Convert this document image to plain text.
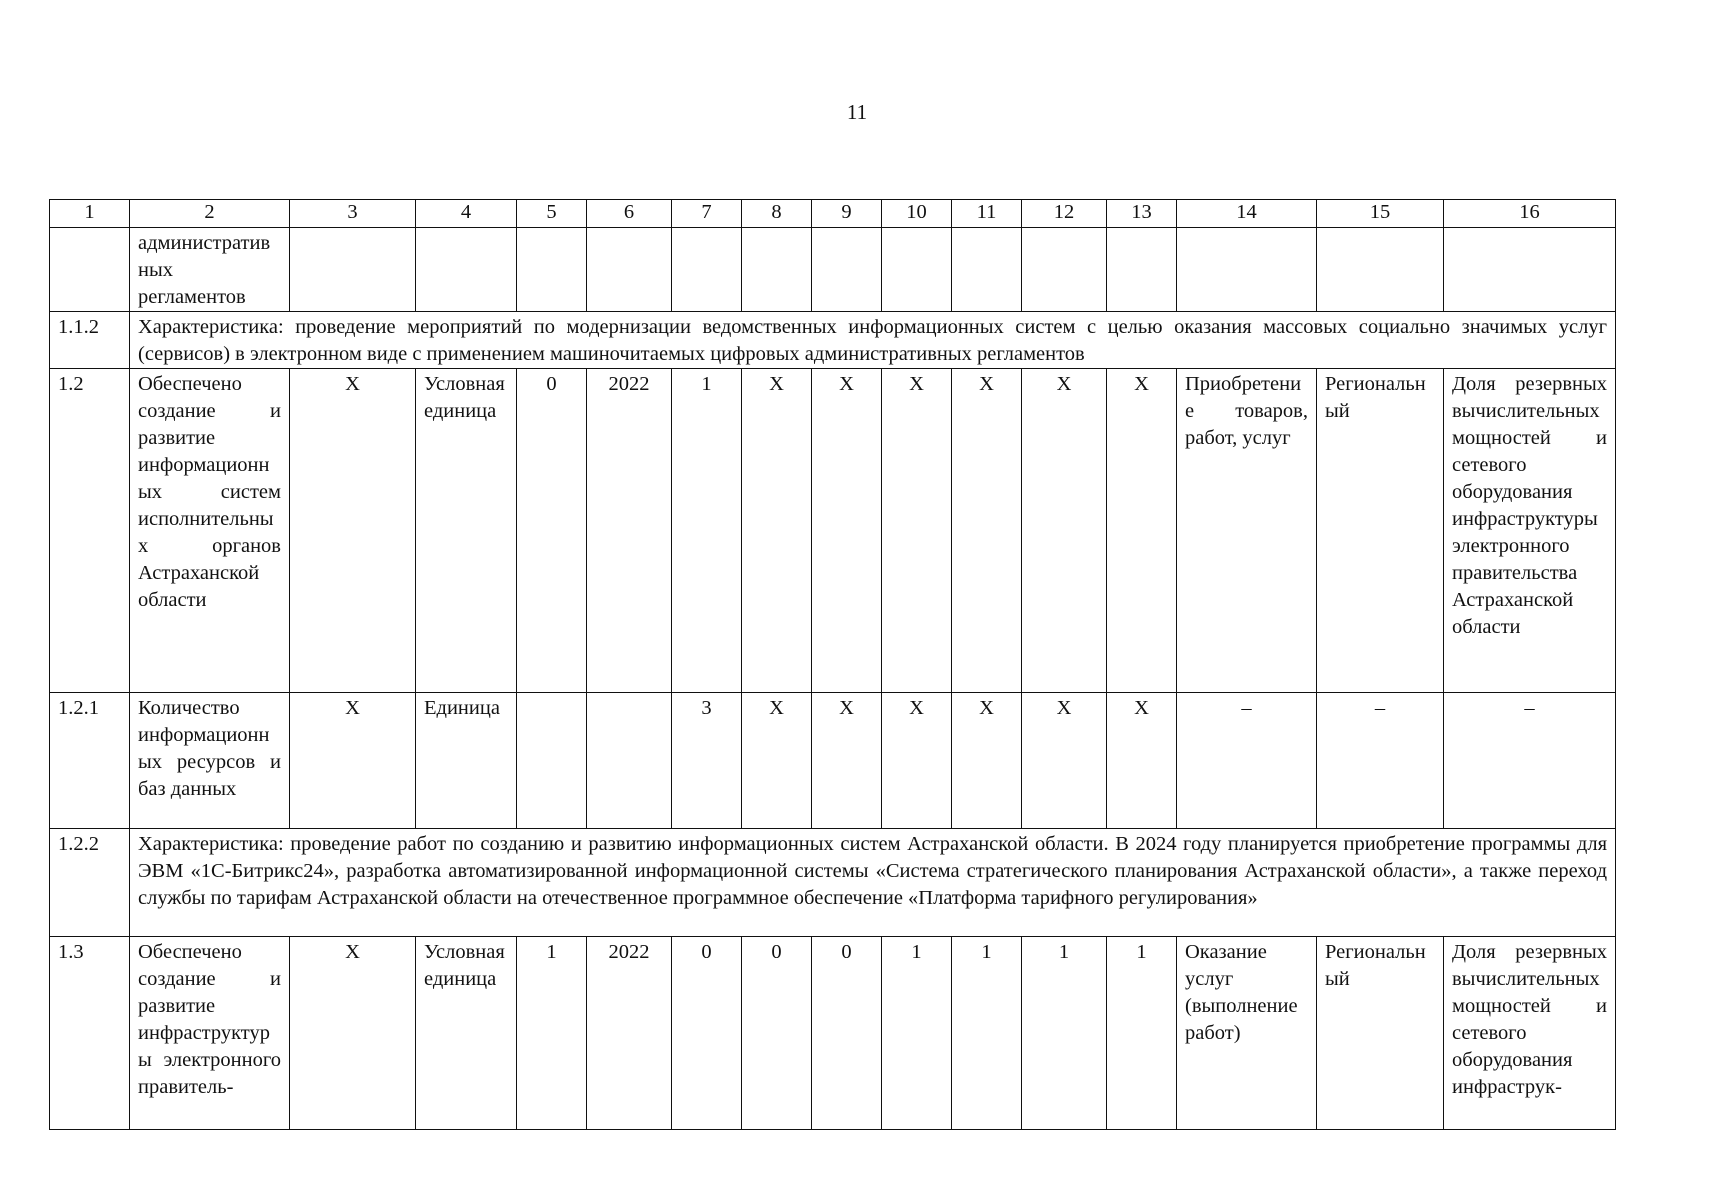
11
1	2	3	4	5	6	7	8	9	10	11	12	13	14	15	16
	административных регламентов														
1.1.2	Характеристика: проведение мероприятий по модернизации ведомственных информационных систем с целью оказания массовых социально значимых услуг (сервисов) в электронном виде с применением машиночитаемых цифровых административных регламентов														
1.2	Обеспечено создание и развитие информационных систем исполнительных органов Астраханской области	Х	Условная единица	0	2022	1	Х	Х	Х	Х	Х	Х	Приобретение товаров, работ, услуг	Региональный	Доля резервных вычислительных мощностей и сетевого оборудования инфраструктуры электронного правительства Астраханской области
1.2.1	Количество информационных ресурсов и баз данных	Х	Единица			3	Х	Х	Х	Х	Х	Х	–	–	–
1.2.2	Характеристика: проведение работ по созданию и развитию информационных систем Астраханской области. В 2024 году планируется приобретение программы для ЭВМ «1С-Битрикс24», разработка автоматизированной информационной системы «Система стратегического планирования Астраханской области», а также переход службы по тарифам Астраханской области на отечественное программное обеспечение «Платформа тарифного регулирования»														
1.3	Обеспечено создание и развитие инфраструктуры электронного правитель-	Х	Условная единица	1	2022	0	0	0	1	1	1	1	Оказание услуг (выполнение работ)	Региональный	Доля резервных вычислительных мощностей и сетевого оборудования инфраструк-
